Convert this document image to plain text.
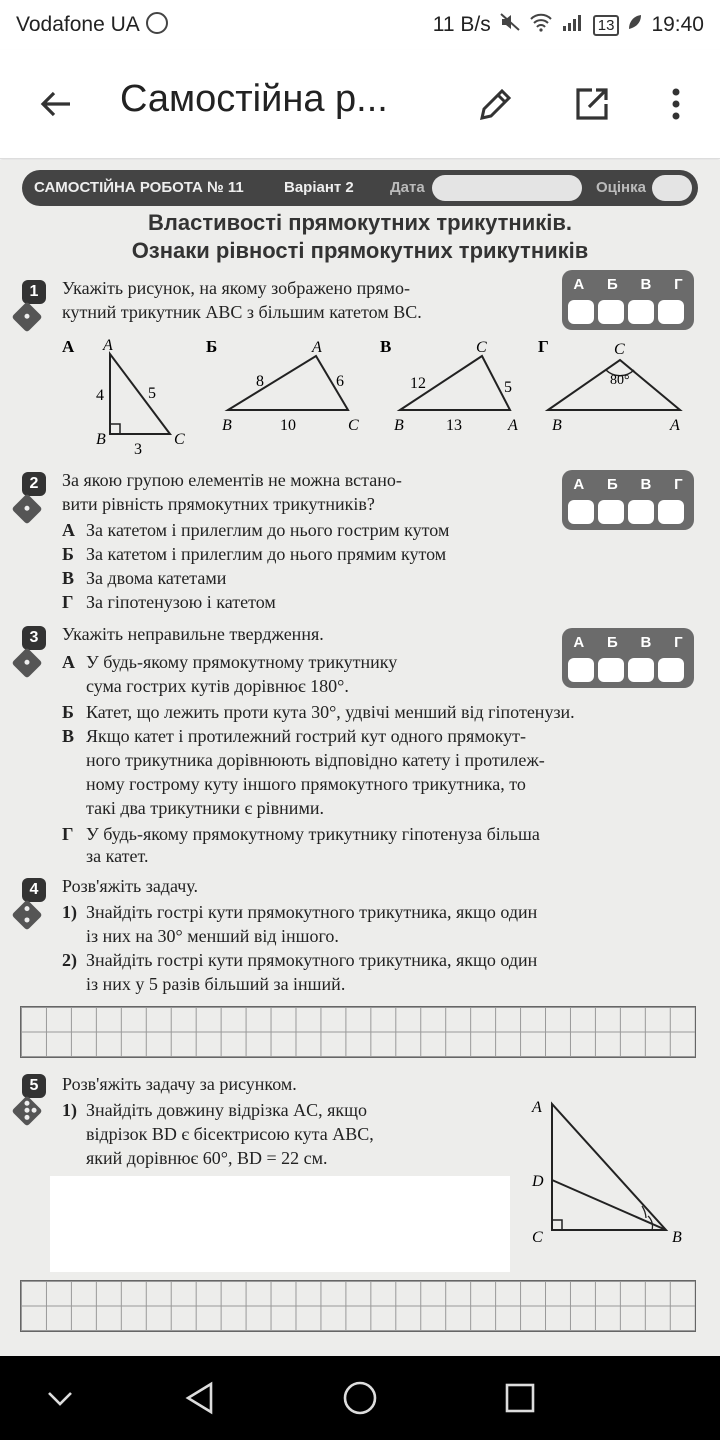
Vodafone UA	11 B/s	13 19:40
Самостійна р...
САМОСТІЙНА РОБОТА № 11	Варіант 2 Дата	Оцінка
Властивості прямокутних трикутників.
Ознаки рівності прямокутних трикутників
1	Укажіть рисунок, на якому зображено прямо-
кутний трикутник ABC з більшим катетом BC.
А Б В Г
А A
B	C
4	5
3
Б	A
B	C
8	6
10
В	C
B	A
12	5
13
Г	C
B	A
80°
2	За якою групою елементів не можна встано-
вити рівність прямокутних трикутників?
А Б В Г
А За катетом і прилеглим до нього гострим кутом
Б За катетом і прилеглим до нього прямим кутом
В За двома катетами
Г За гіпотенузою і катетом
3	Укажіть неправильне твердження.	А Б В Г
А У будь-якому прямокутному трикутнику
сума гострих кутів дорівнює 180°.
Б Катет, що лежить проти кута 30°, удвічі менший від гіпотенузи.
В Якщо катет і протилежний гострий кут одного прямокут-
ного трикутника дорівнюють відповідно катету і протилеж-
ному гострому куту іншого прямокутного трикутника, то
такі два трикутники є рівними.
Г У будь-якому прямокутному трикутнику гіпотенуза більша
за катет.
4	Розв'яжіть задачу.
1) Знайдіть гострі кути прямокутного трикутника, якщо один
із них на 30° менший від іншого.
2) Знайдіть гострі кути прямокутного трикутника, якщо один
із них у 5 разів більший за інший.
5	Розв'яжіть задачу за рисунком.
1) Знайдіть довжину відрізка AC, якщо
відрізок BD є бісектрисою кута ABC,
який дорівнює 60°, BD = 22 см.
A
D
C	B
